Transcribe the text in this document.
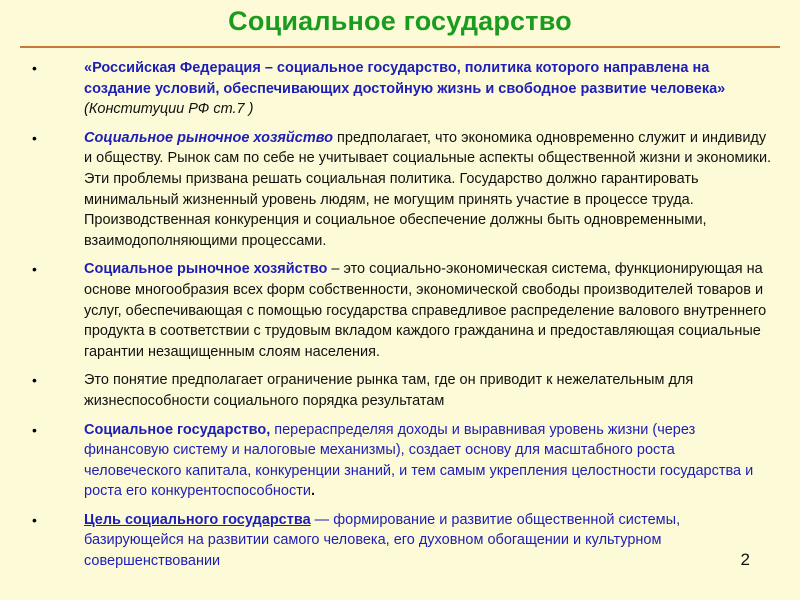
Социальное государство
•	«Российская Федерация – социальное государство, политика которого направлена на создание условий, обеспечивающих достойную жизнь и свободное развитие человека» (Конституции РФ ст.7 )
•	Социальное рыночное хозяйство предполагает, что экономика одновременно служит и индивиду и обществу. Рынок сам по себе не учитывает социальные аспекты общественной жизни и экономики. Эти проблемы призвана решать социальная политика. Государство должно гарантировать минимальный жизненный уровень людям, не могущим принять участие в процессе труда. Производственная конкуренция и социальное обеспечение должны быть одновременными, взаимодополняющими процессами.
•	Социальное рыночное хозяйство – это социально-экономическая система, функционирующая на основе многообразия всех форм собственности, экономической свободы производителей товаров и услуг, обеспечивающая с помощью государства справедливое распределение валового внутреннего продукта в соответствии с трудовым вкладом каждого гражданина и предоставляющая социальные гарантии незащищенным слоям населения.
•	Это понятие предполагает ограничение рынка там, где он приводит к нежелательным для жизнеспособности социального порядка результатам
•	Социальное государство, перераспределяя доходы и выравнивая уровень жизни (через финансовую систему и налоговые механизмы), создает основу для масштабного роста человеческого капитала, конкуренции знаний, и тем самым укрепления целостности государства и роста его конкурентоспособности.
•	Цель социального государства — формирование и развитие общественной системы, базирующейся на развитии самого человека, его духовном обогащении и культурном совершенствовании	2
